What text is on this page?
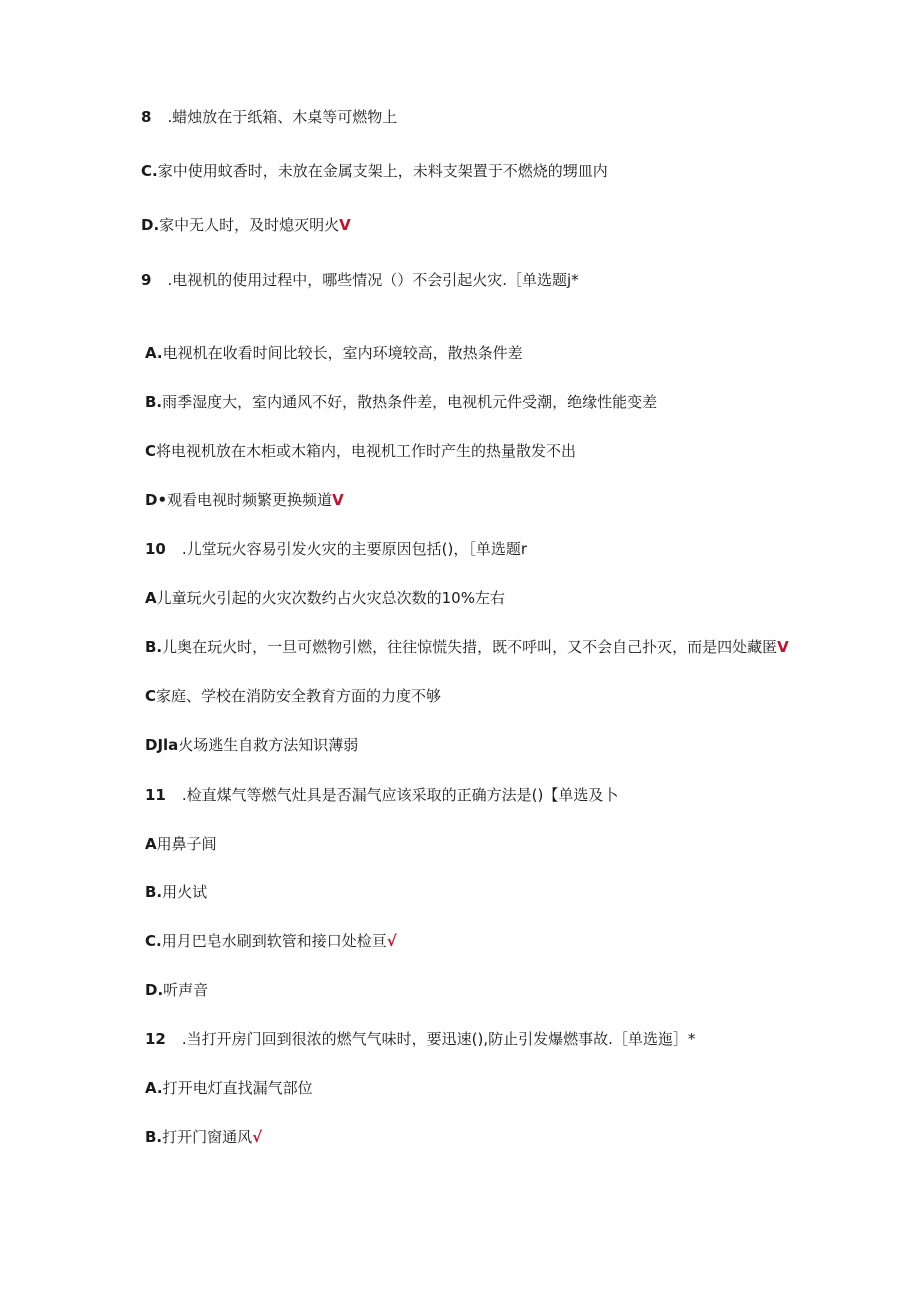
8 .蜡烛放在于纸箱、木桌等可燃物上
C.家中使用蚊香时，未放在金属支架上，未料支架置于不燃烧的甥皿内
D.家中无人时，及时熄灭明火V
9 .电视机的使用过程中，哪些情况（）不会引起火灾.［单选题j*
A.电视机在收看时间比较长，室内环境较高，散热条件差
B.雨季湿度大，室内通风不好，散热条件差，电视机元件受潮，绝缘性能变差
C将电视机放在木柜或木箱内，电视机工作时产生的热量散发不出
D•观看电视时频繁更换频道V
10 .儿堂玩火容易引发火灾的主要原因包括()，［单选题r
A儿童玩火引起的火灾次数约占火灾总次数的10%左右
B.儿奥在玩火时，一旦可燃物引燃，往往惊慌失措，既不呼叫，又不会自己扑灭，而是四处藏匿V
C家庭、学校在消防安全教育方面的力度不够
DJla火场逃生自救方法知识薄弱
11 .检直煤气等燃气灶具是否漏气应该采取的正确方法是()【单选及卜
A用鼻子闾
B.用火试
C.用月巴皂水刷到软管和接口处检亘√
D.听声音
12 .当打开房门回到很浓的燃气气味时，要迅速(),防止引发爆燃事故.［单选迤］*
A.打开电灯直找漏气部位
B.打开门窗通风√
